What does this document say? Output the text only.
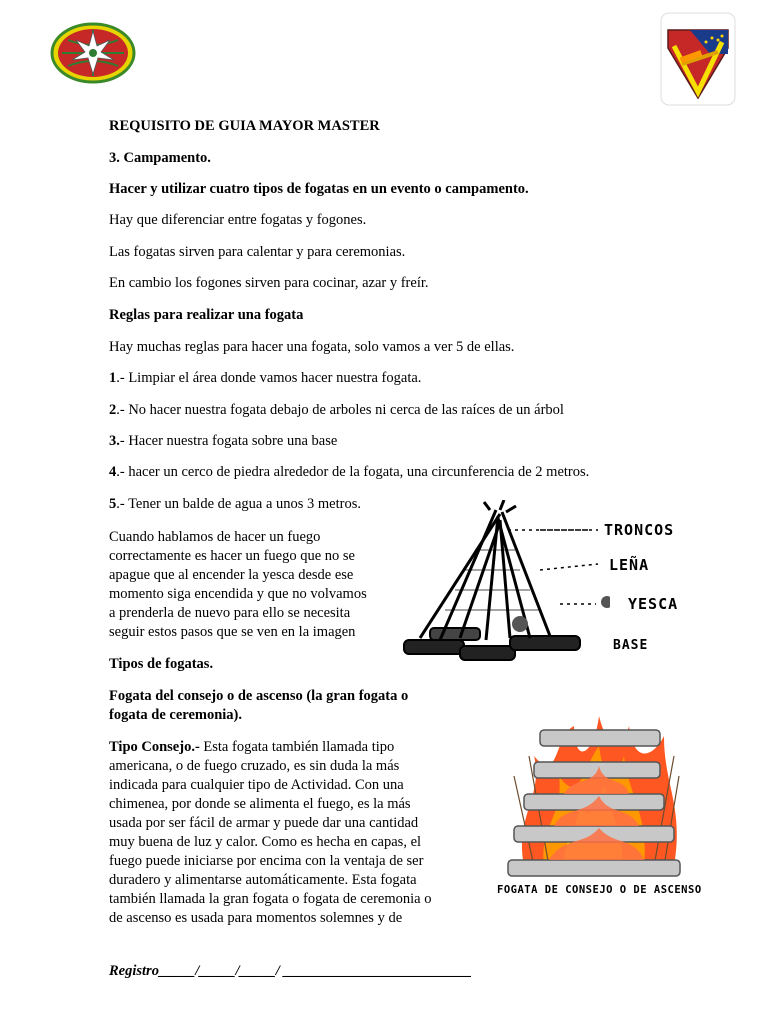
REQUISITO DE GUIA MAYOR MASTER
3. Campamento.
Hacer y utilizar cuatro tipos de fogatas en un evento o campamento.
Hay que diferenciar entre fogatas y fogones.
Las fogatas sirven para calentar y para ceremonias.
En cambio los fogones sirven para cocinar, azar y freír.
Reglas para realizar una fogata
Hay muchas reglas para hacer una fogata, solo vamos a ver 5 de ellas.
1.- Limpiar el área donde vamos hacer nuestra fogata.
2.- No hacer nuestra fogata debajo de arboles ni cerca de las raíces de un árbol
3.- Hacer nuestra fogata sobre una base
4.- hacer un cerco de piedra alrededor de la fogata, una circunferencia de 2 metros.
5.- Tener un balde de agua a unos 3 metros.
Cuando hablamos de hacer un fuego
correctamente es hacer un fuego que no se
apague que al encender la yesca desde ese
momento siga encendida y que no volvamos
a prenderla de nuevo para ello se necesita
seguir estos pasos que se ven en la imagen
TRONCOS
LEÑA
YESCA
BASE
Tipos de fogatas.
Fogata del consejo o de ascenso (la gran fogata o
fogata de ceremonia).
Tipo Consejo.- Esta fogata también llamada tipo
americana, o de fuego cruzado, es sin duda la más
indicada para cualquier tipo de Actividad. Con una
chimenea, por donde se alimenta el fuego, es la más
usada por ser fácil de armar y puede dar una cantidad
muy buena de luz y calor. Como es hecha en capas, el
fuego puede iniciarse por encima con la ventaja de ser
duradero y alimentarse automáticamente. Esta fogata
también llamada la gran fogata o fogata de ceremonia o
de ascenso es usada para momentos solemnes y de
FOGATA DE CONSEJO O DE ASCENSO
Registro_____/_____/_____/ __________________________
